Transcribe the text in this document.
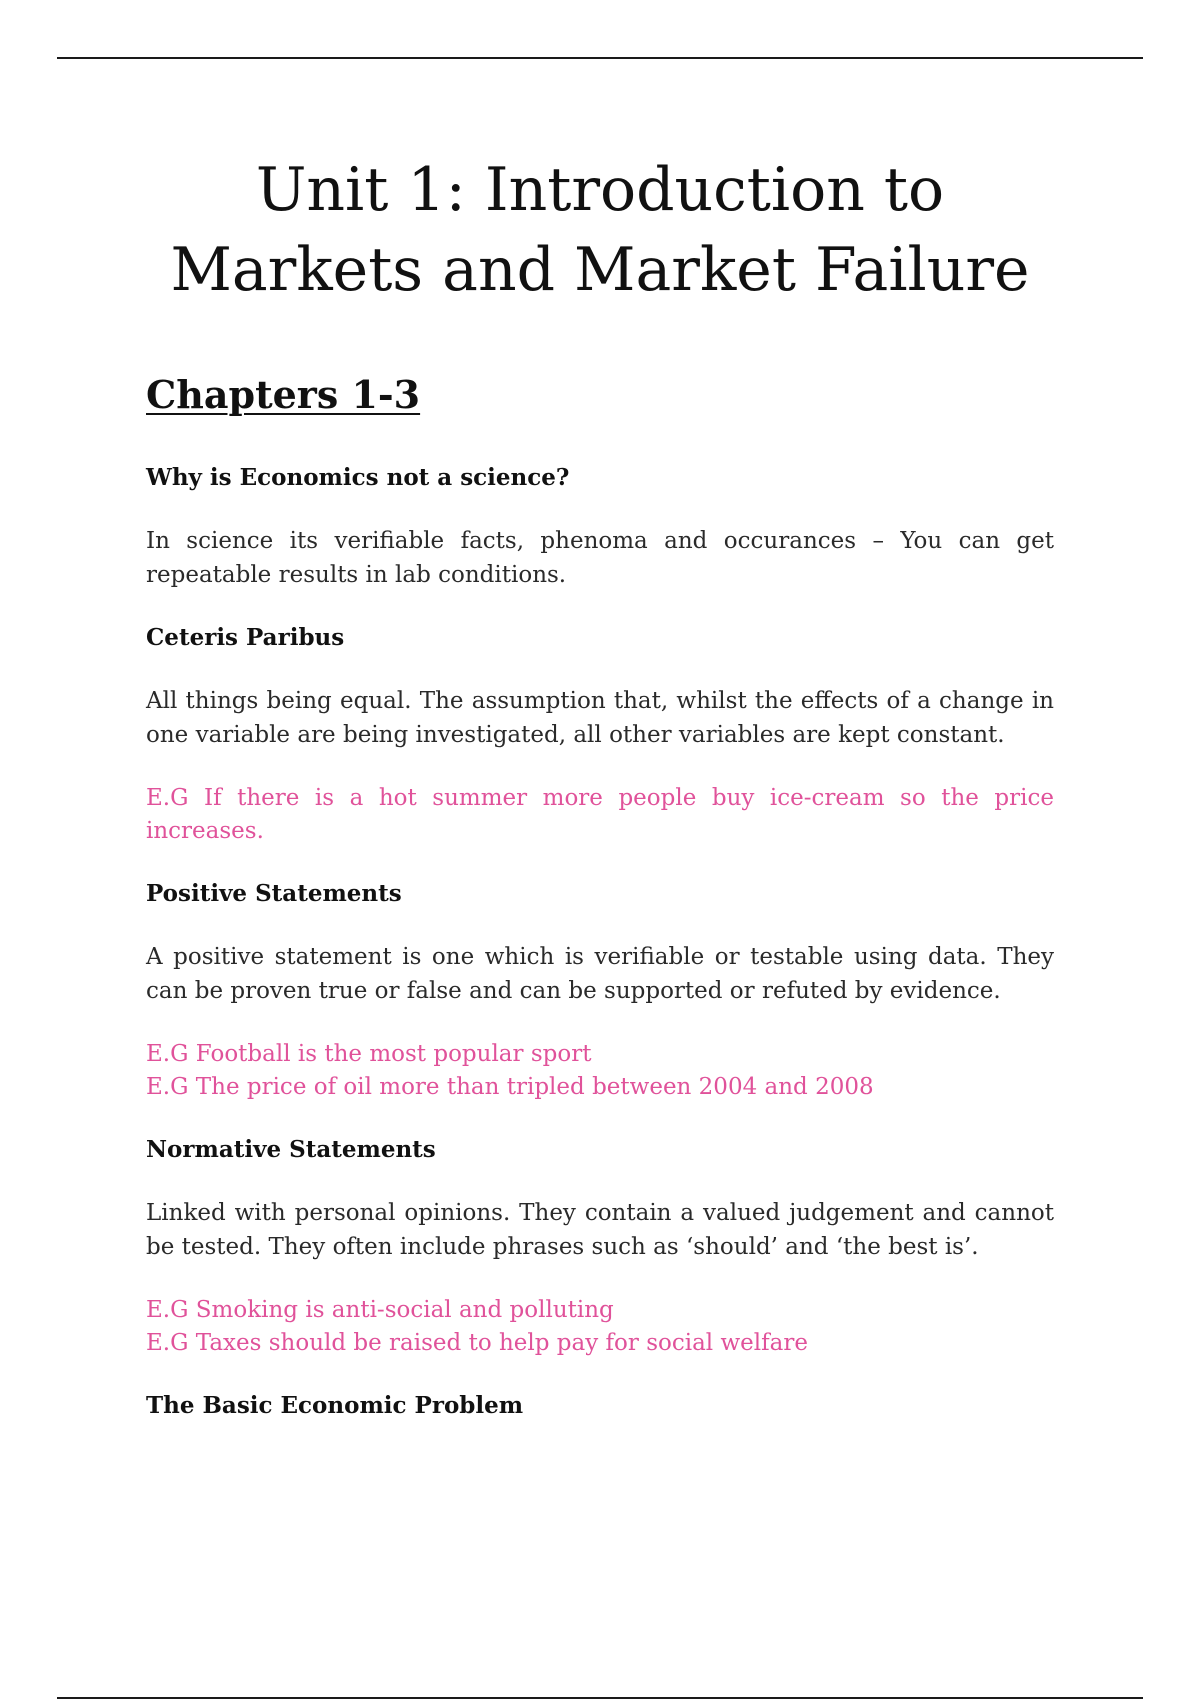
Unit 1: Introduction to
Markets and Market Failure
Chapters 1-3
Why is Economics not a science?

In science its verifiable facts, phenoma and occurances – You can get repeatable results in lab conditions.

Ceteris Paribus

All things being equal. The assumption that, whilst the effects of a change in one variable are being investigated, all other variables are kept constant.

E.G If there is a hot summer more people buy ice-cream so the price increases.

Positive Statements

A positive statement is one which is verifiable or testable using data. They can be proven true or false and can be supported or refuted by evidence.

E.G Football is the most popular sport

E.G The price of oil more than tripled between 2004 and 2008

Normative Statements

Linked with personal opinions. They contain a valued judgement and cannot be tested. They often include phrases such as ‘should’ and ‘the best is’.

E.G Smoking is anti-social and polluting

E.G Taxes should be raised to help pay for social welfare

The Basic Economic Problem
